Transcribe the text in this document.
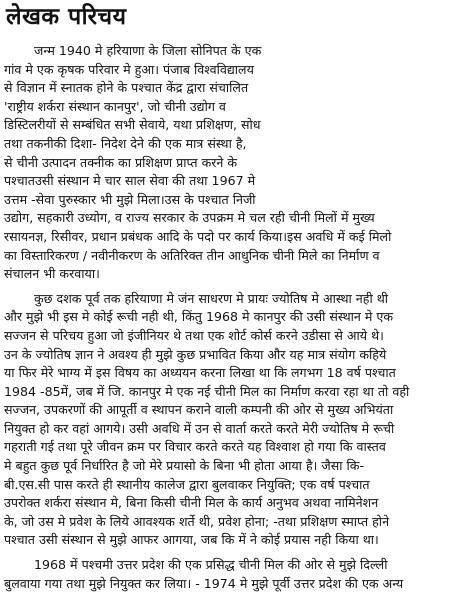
लेखक परिचय
जन्म 1940 मे हरियाणा के जिला सोनिपत के एक
गांव मे एक कृषक परिवार मे हुआ। पंजाब विश्वविद्यालय
से विज्ञान में स्नातक होने के पश्चात केंद्र द्वारा संचालित
'राष्ट्रीय शर्करा संस्थान कानपुर', जो चीनी उद्योग व
डिस्टिलरीयों से सम्बंधित सभी सेवाये, यथा प्रशिक्षण, सोध
तथा तकनीकी दिशा- निदेश देने की एक मात्र संस्था है,
से चीनी उत्पादन तक्नीक का प्रशिक्षण प्राप्त करने के
पश्चातउसी संस्थान मे चार साल सेवा की तथा 1967 मे
उत्तम -सेवा पुरुस्कार भी मुझे मिला।उस के पश्चात निजी
उद्योग, सहकारी उध्योग, व राज्य सरकार के उपक्रम मे चल रही चीनी मिलों में मुख्य
रसायनज्ञ, रिसीवर, प्रधान प्रबंधक आदि के पदो पर कार्य किया।इस अवधि में कई मिलो
का विस्तारिकरण / नवीनीकरण के अतिरिक्त तीन आधुनिक चीनी मिले का निर्माण व
संचालन भी करवाया।
कुछ दशक पूर्व तक हरियाणा मे जंन साधरण मे प्रायः ज्योतिष मे आस्था नही थी
और मुझे भी इस मे कोई रूची नही थी, किंतु 1968 मे कानपुर की उसी संस्थान मे एक
सज्जन से परिचय हुआ जो इंजीनियर थे तथा एक शोर्ट कोर्स करने उडीसा से आये थे।
उन के ज्योतिष ज्ञान ने अवश्य ही मुझे कुछ प्रभावित किया और यह मात्र संयोग कहिये
या फिर मेरे भाग्य में इस विषय का अध्ययन करना लिखा था कि लगभग 18 वर्ष पश्चात
1984 -85में, जब में जि. कानपुर मे एक नई चीनी मिल का निर्माण करवा रहा था तो वही
सज्जन, उपकरणों की आपूर्ती व स्थापन कराने वाली कम्पनी की ओर से मुख्य अभियंता
नियुक्त हो कर वहां आगये। उसी अवधि में उन से वार्ता करते करते मेरी ज्योतिष मे रूची
गहराती गई तथा पूरे जीवन क्रम पर विचार करते करते यह विश्वाश हो गया कि वास्तव
मे बहुत कुछ पूर्व निर्धारित है जो मेरे प्रयासो के बिना भी होता आया है। जैसा कि-
बी.एस.सी पास करते ही स्थानीय कालेज द्वारा बुलवाकर नियुक्ति; एक वर्ष पश्चात
उपरोक्त शर्करा संस्थान मे, बिना किसी चीनी मिल के कार्य अनुभव अथवा नामिनेशन
के, जो उस मे प्रवेश के लिये आवश्यक शर्ते थी, प्रवेश होना; -तथा प्रशिक्षण स्माप्त होने
पश्चात उसी संस्थान से मुझे आफर आगया, जब कि में ने कोई प्रयास नही किया था।
1968 में पश्चमी उत्तर प्रदेश की एक प्रसिद्ध चीनी मिल की ओर से मुझे दिल्ली
बुलवाया गया तथा मुझे नियुक्त कर लिया। - 1974 मे मुझे पूर्वी उत्तर प्रदेश की एक अन्य
